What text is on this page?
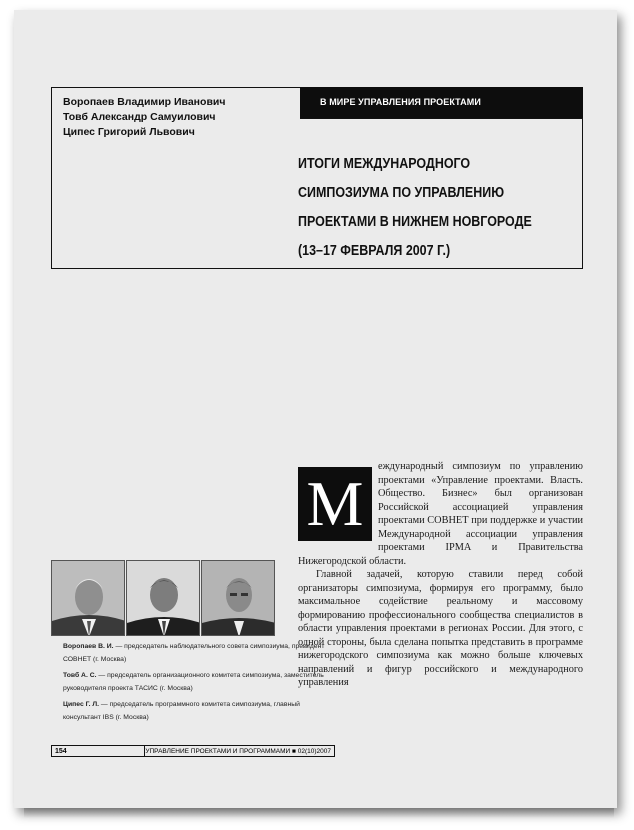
Воропаев Владимир Иванович
Товб Александр Самуилович
Ципес Григорий Львович
В МИРЕ УПРАВЛЕНИЯ ПРОЕКТАМИ
ИТОГИ МЕЖДУНАРОДНОГО
СИМПОЗИУМА ПО УПРАВЛЕНИЮ
ПРОЕКТАМИ В НИЖНЕМ НОВГОРОДЕ
(13–17 ФЕВРАЛЯ 2007 Г.)

еждународный симпозиум по управлению проектами «Управление проектами. Власть. Общество. Бизнес» был организован Российской ассоциацией управления проектами СОВНЕТ при поддержке и участии Международной ассоциации управления проектами IPMA и Правительства Нижегородской области.

Главной задачей, которую ставили перед собой организаторы симпозиума, формируя его программу, было максимальное содействие реальному и массовому формированию профессионального сообщества специалистов в области управления проектами в регионах России. Для этого, с одной стороны, была сделана попытка представить в программе нижегородского симпозиума как можно больше ключевых направлений и фигур российского и международного управления

М

Воропаев В. И. — председатель наблюдательного совета симпозиума, президент СОВНЕТ (г. Москва)

Товб А. С. — председатель организационного комитета симпозиума, заместитель руководителя проекта ТАСИС (г. Москва)

Ципес Г. Л. — председатель программного комитета симпозиума, главный консультант IBS (г. Москва)

154	УПРАВЛЕНИЕ ПРОЕКТАМИ И ПРОГРАММАМИ ■ 02(10)2007
